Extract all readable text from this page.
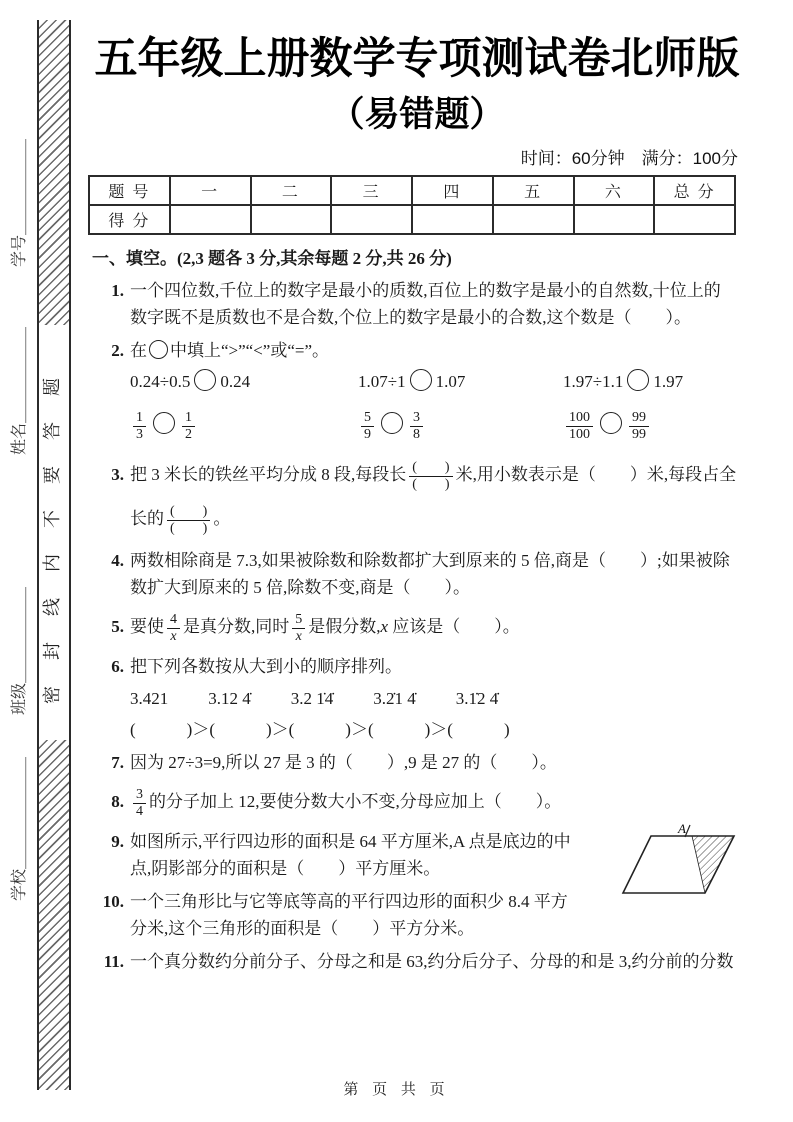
密封线内不要答题
学号＿＿＿＿＿＿
姓名＿＿＿＿＿＿
班级＿＿＿＿＿＿
学校＿＿＿＿＿＿＿
五年级上册数学专项测试卷北师版
（易错题）
时间：60分钟　满分：100分
题 号	一	二	三	四	五	六	总 分
得 分							
一、填空。(2,3 题各 3 分,其余每题 2 分,共 26 分)
1. 一个四位数,千位上的数字是最小的质数,百位上的数字是最小的自然数,十位上的
数字既不是质数也不是合数,个位上的数字是最小的合数,这个数是（　　）。
2. 在 中填上“>”“<”或“=”。
0.24÷0.5 0.24	1.07÷1 1.07	1.97÷1.1 1.97
$\frac{1}{3}$	$\frac{1}{2}$	$\frac{5}{9}$	$\frac{3}{8}$	$\frac{100}{100}$	$\frac{99}{99}$
3. 把 3 米长的铁丝平均分成 8 段,每段长 $\frac{( )}{( )}$ 米,用小数表示是（　　）米,每段占全
长的 $\frac{( )}{( )}$ 。
4. 两数相除商是 7.3,如果被除数和除数都扩大到原来的 5 倍,商是（　　）;如果被除
数扩大到原来的 5 倍,除数不变,商是（　　）。
5. 要使 $\frac{4}{x}$ 是真分数,同时 $\frac{5}{x}$ 是假分数,x 应该是（　　）。
6. 把下列各数按从大到小的顺序排列。
3.421 3.12 4̇ 3.2 1̇4̇ 3.2̇1 4̇ 3.1̇2 4̇
(　　　)＞(　　　)＞(　　　)＞(　　　)＞(　　　)
7. 因为 27÷3=9,所以 27 是 3 的（　　）,9 是 27 的（　　）。
8. $\frac{3}{4}$ 的分子加上 12,要使分数大小不变,分母应加上（　　）。
9. 如图所示,平行四边形的面积是 64 平方厘米,A 点是底边的中
点,阴影部分的面积是（　　）平方厘米。
A
10. 一个三角形比与它等底等高的平行四边形的面积少 8.4 平方
分米,这个三角形的面积是（　　）平方分米。
11. 一个真分数约分前分子、分母之和是 63,约分后分子、分母的和是 3,约分前的分数
第 页 共 页
